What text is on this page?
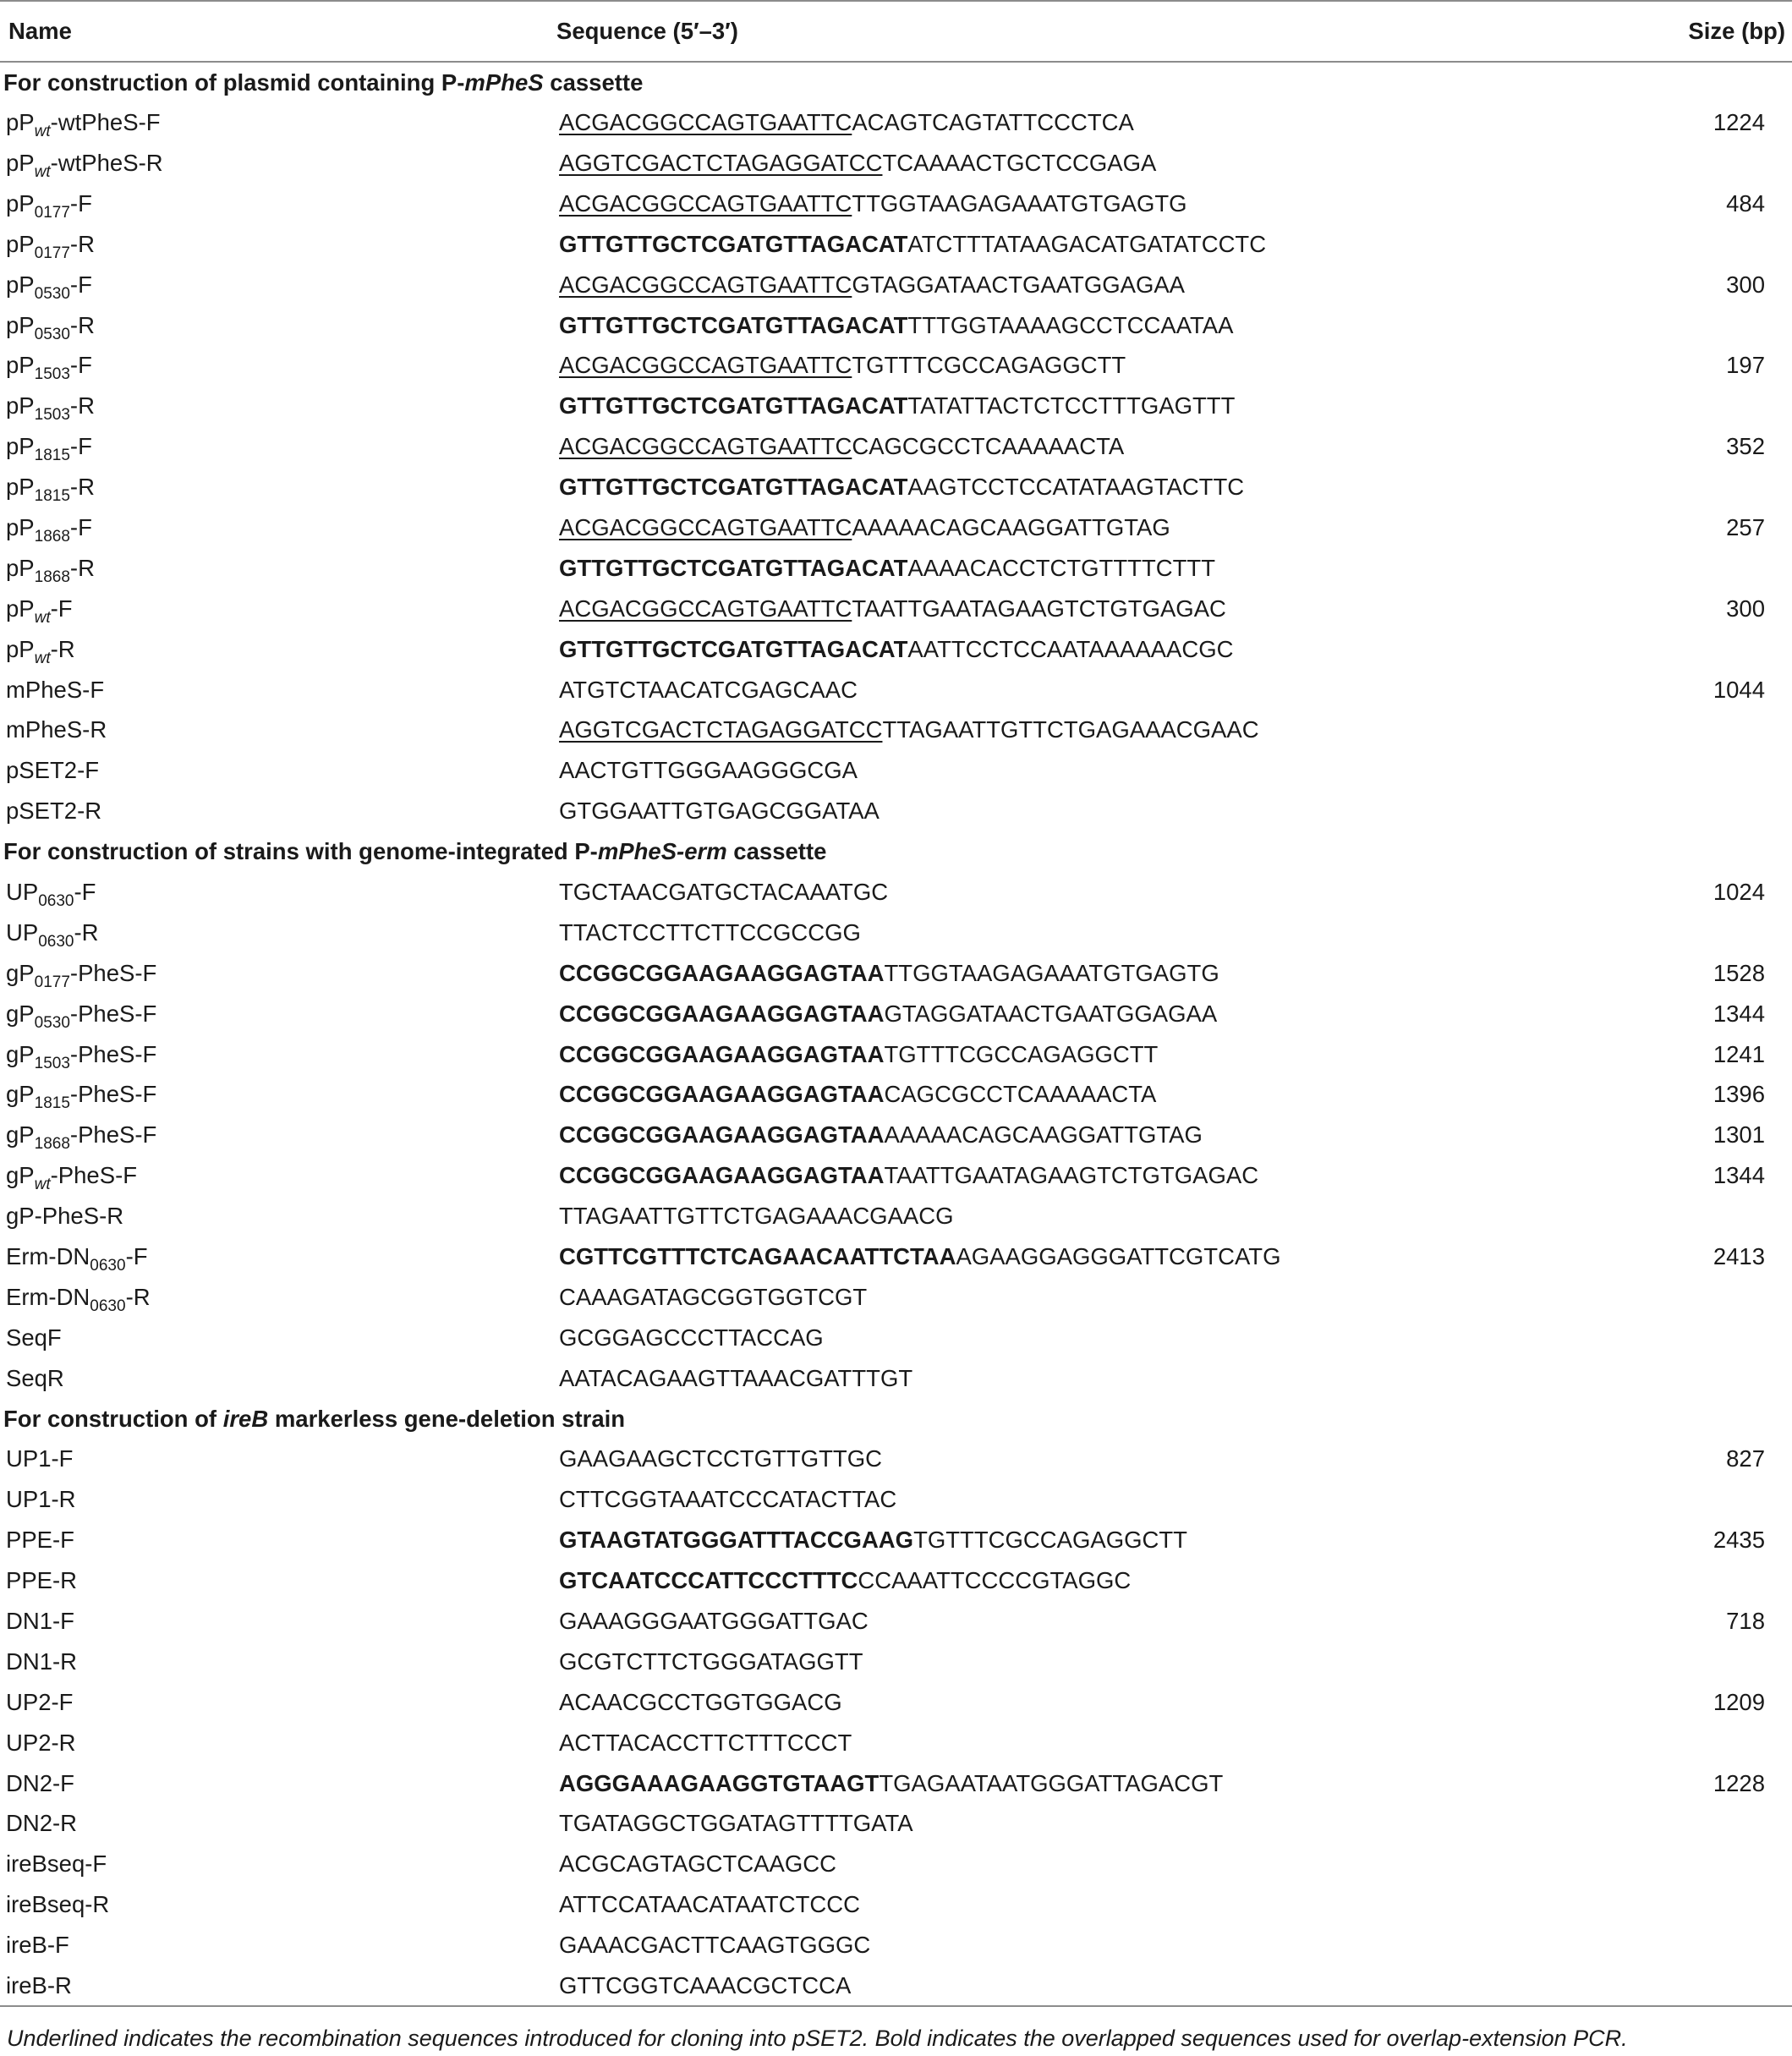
Name	Sequence (5′–3′)	Size (bp)
For construction of plasmid containing P-mPheS cassette		
$pP_{wt}-wtPheS-F$	ACGACGGCCAGTGAATTCACAGTCAGTATTCCCTCA	1224
$pP_{wt}-wtPheS-R$	AGGTCGACTCTAGAGGATCCTCAAAACTGCTCCGAGA	
$pP_{0177}-F$	ACGACGGCCAGTGAATTCTTGGTAAGAGAAATGTGAGTG	484
$pP_{0177}-R$	GTTGTTGCTCGATGTTAGACATATCTTTATAAGACATGATATCCTC	
$pP_{0530}-F$	ACGACGGCCAGTGAATTCGTAGGATAACTGAATGGAGAA	300
$pP_{0530}-R$	GTTGTTGCTCGATGTTAGACATTTTGGTAAAAGCCTCCAATAA	
$pP_{1503}-F$	ACGACGGCCAGTGAATTCTGTTTCGCCAGAGGCTT	197
$pP_{1503}-R$	GTTGTTGCTCGATGTTAGACATTATATTACTCTCCTTTGAGTTT	
$pP_{1815}-F$	ACGACGGCCAGTGAATTCCAGCGCCTCAAAAACTA	352
$pP_{1815}-R$	GTTGTTGCTCGATGTTAGACATAAGTCCTCCATATAAGTACTTC	
$pP_{1868}-F$	ACGACGGCCAGTGAATTCAAAAACAGCAAGGATTGTAG	257
$pP_{1868}-R$	GTTGTTGCTCGATGTTAGACATAAAACACCTCTGTTTTCTTT	
$pP_{wt}-F$	ACGACGGCCAGTGAATTCTAATTGAATAGAAGTCTGTGAGAC	300
$pP_{wt}-R$	GTTGTTGCTCGATGTTAGACATAATTCCTCCAATAAAAAACGC	
mPheS-F	ATGTCTAACATCGAGCAAC	1044
mPheS-R	AGGTCGACTCTAGAGGATCCTTAGAATTGTTCTGAGAAACGAAC	
pSET2-F	AACTGTTGGGAAGGGCGA	
pSET2-R	GTGGAATTGTGAGCGGATAA	
For construction of strains with genome-integrated P-mPheS-erm cassette		
$UP_{0630}-F$	TGCTAACGATGCTACAAATGC	1024
$UP_{0630}-R$	TTACTCCTTCTTCCGCCGG	
$gP_{0177}-PheS-F$	CCGGCGGAAGAAGGAGTAATTGGTAAGAGAAATGTGAGTG	1528
$gP_{0530}-PheS-F$	CCGGCGGAAGAAGGAGTAAGTAGGATAACTGAATGGAGAA	1344
$gP_{1503}-PheS-F$	CCGGCGGAAGAAGGAGTAATGTTTCGCCAGAGGCTT	1241
$gP_{1815}-PheS-F$	CCGGCGGAAGAAGGAGTAACAGCGCCTCAAAAACTA	1396
$gP_{1868}-PheS-F$	CCGGCGGAAGAAGGAGTAAAAAAACAGCAAGGATTGTAG	1301
$gP_{wt}-PheS-F$	CCGGCGGAAGAAGGAGTAATAATTGAATAGAAGTCTGTGAGAC	1344
gP-PheS-R	TTAGAATTGTTCTGAGAAACGAACG	
Erm-$DN_{0630}-F$	CGTTCGTTTCTCAGAACAATTCTAAAGAAGGAGGGATTCGTCATG	2413
Erm-$DN_{0630}-R$	CAAAGATAGCGGTGGTCGT	
SeqF	GCGGAGCCCTTACCAG	
SeqR	AATACAGAAGTTAAACGATTTGT	
For construction of ireB markerless gene-deletion strain		
UP1-F	GAAGAAGCTCCTGTTGTTGC	827
UP1-R	CTTCGGTAAATCCCATACTTAC	
PPE-F	GTAAGTATGGGATTTACCGAAGTGTTTCGCCAGAGGCTT	2435
PPE-R	GTCAATCCCATTCCCTTTCCCAAATTCCCCGTAGGC	
DN1-F	GAAAGGGAATGGGATTGAC	718
DN1-R	GCGTCTTCTGGGATAGGTT	
UP2-F	ACAACGCCTGGTGGACG	1209
UP2-R	ACTTACACCTTCTTTCCCT	
DN2-F	AGGGAAAGAAGGTGTAAGTTGAGAATAATGGGATTAGACGT	1228
DN2-R	TGATAGGCTGGATAGTTTTGATA	
ireBseq-F	ACGCAGTAGCTCAAGCC	
ireBseq-R	ATTCCATAACATAATCTCCC	
ireB-F	GAAACGACTTCAAGTGGGC	
ireB-R	GTTCGGTCAAACGCTCCA	
Underlined indicates the recombination sequences introduced for cloning into pSET2. Bold indicates the overlapped sequences used for overlap-extension PCR.
